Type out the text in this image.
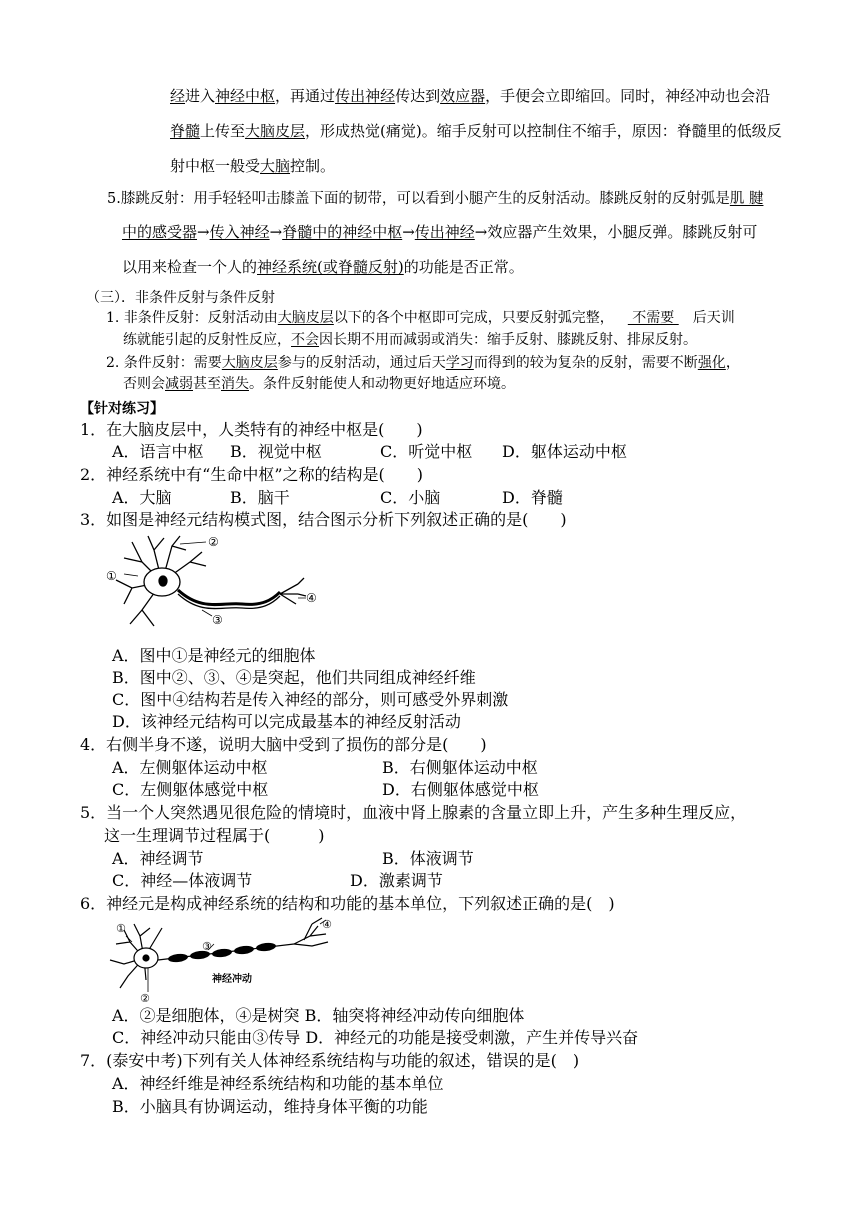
经进入神经中枢，再通过传出神经传达到效应器，手便会立即缩回。同时，神经冲动也会沿
脊髓上传至大脑皮层，形成热觉(痛觉)。缩手反射可以控制住不缩手，原因：脊髓里的低级反
射中枢一般受大脑控制。
5.膝跳反射：用手轻轻叩击膝盖下面的韧带，可以看到小腿产生的反射活动。膝跳反射的反射弧是肌 腱
中的感受器→传入神经→脊髓中的神经中枢→传出神经→效应器产生效果，小腿反弹。膝跳反射可
以用来检查一个人的神经系统(或脊髓反射)的功能是否正常。
（三）．非条件反射与条件反射
1. 非条件反射：反射活动由大脑皮层以下的各个中枢即可完成，只要反射弧完整， 不需要 后天训
练就能引起的反射性反应，不会因长期不用而减弱或消失：缩手反射、膝跳反射、排尿反射。
2. 条件反射：需要大脑皮层参与的反射活动，通过后天学习而得到的较为复杂的反射，需要不断强化，
否则会减弱甚至消失。条件反射能使人和动物更好地适应环境。
【针对练习】
1．在大脑皮层中，人类特有的神经中枢是(　　)
A．语言中枢 B．视觉中枢	C．听觉中枢 D．躯体运动中枢
2．神经系统中有“生命中枢”之称的结构是(　　)
A．大脑	B．脑干	C．小脑	D．脊髓
3．如图是神经元结构模式图，结合图示分析下列叙述正确的是(　　)
①
②
③
④
A．图中①是神经元的细胞体
B．图中②、③、④是突起，他们共同组成神经纤维
C．图中④结构若是传入神经的部分，则可感受外界刺激
D．该神经元结构可以完成最基本的神经反射活动
4．右侧半身不遂，说明大脑中受到了损伤的部分是(　　)
A．左侧躯体运动中枢	B．右侧躯体运动中枢
C．左侧躯体感觉中枢	D．右侧躯体感觉中枢
5．当一个人突然遇见很危险的情境时，血液中肾上腺素的含量立即上升，产生多种生理反应，
这一生理调节过程属于(　　　)
A．神经调节	B．体液调节
C．神经—体液调节	D．激素调节
6．神经元是构成神经系统的结构和功能的基本单位，下列叙述正确的是(　)
①
②
③
④
神经冲动
A．②是细胞体，④是树突 B．轴突将神经冲动传向细胞体
C．神经冲动只能由③传导 D．神经元的功能是接受刺激，产生并传导兴奋
7．(泰安中考)下列有关人体神经系统结构与功能的叙述，错误的是(　)
A．神经纤维是神经系统结构和功能的基本单位
B．小脑具有协调运动，维持身体平衡的功能
